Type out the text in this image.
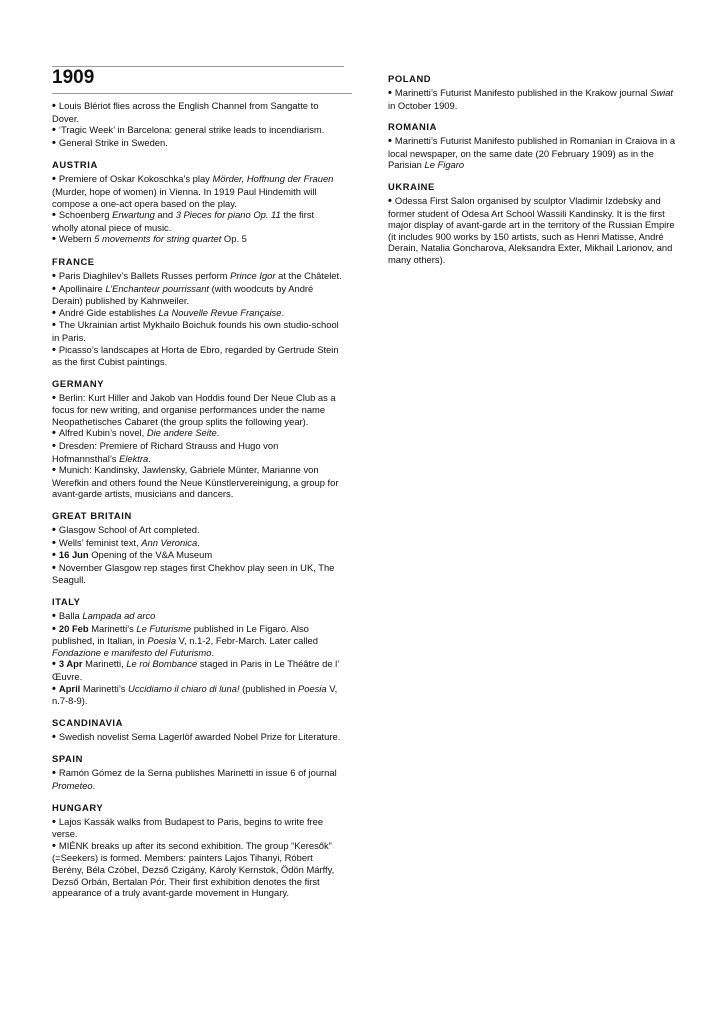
1909

• Louis Blériot flies across the English Channel from Sangatte to Dover.

• ‘Tragic Week’ in Barcelona: general strike leads to incendiarism.

• General Strike in Sweden.

AUSTRIA

• Premiere of Oskar Kokoschka’s play Mörder, Hoffnung der Frauen (Murder, hope of women) in Vienna. In 1919 Paul Hindemith will compose a one-act opera based on the play.

• Schoenberg Erwartung and 3 Pieces for piano Op. 11 the first wholly atonal piece of music.

• Webern 5 movements for string quartet Op. 5

FRANCE

• Paris Diaghilev’s Ballets Russes perform Prince Igor at the Châtelet.

• Apollinaire L’Enchanteur pourrissant (with woodcuts by André Derain) published by Kahnweiler.

• André Gide establishes La Nouvelle Revue Française.

• The Ukrainian artist Mykhailo Boichuk founds his own studio-school in Paris.

• Picasso’s landscapes at Horta de Ebro, regarded by Gertrude Stein as the first Cubist paintings.

GERMANY

• Berlin: Kurt Hiller and Jakob van Hoddis found Der Neue Club as a focus for new writing, and organise performances under the name Neopathetisches Cabaret (the group splits the following year).

• Alfred Kubin’s novel, Die andere Seite.

• Dresden: Premiere of Richard Strauss and Hugo von Hofmannsthal’s Elektra.

• Munich: Kandinsky, Jawlensky, Gabriele Münter, Marianne von Werefkin and others found the Neue Künstlervereinigung, a group for avant-garde artists, musicians and dancers.

GREAT BRITAIN

• Glasgow School of Art completed.

• Wells’ feminist text, Ann Veronica.

• 16 Jun Opening of the V&A Museum

• November Glasgow rep stages first Chekhov play seen in UK, The Seagull.

ITALY

• Balla Lampada ad arco

• 20 Feb Marinetti’s Le Futurisme published in Le Figaro. Also published, in Italian, in Poesia V, n.1-2, Febr-March. Later called Fondazione e manifesto del Futurismo.

• 3 Apr Marinetti, Le roi Bombance staged in Paris in Le Théâtre de l’ Œuvre.

• April Marinetti’s Uccidiamo il chiaro di luna! (published in Poesia V, n.7-8-9).

SCANDINAVIA

• Swedish novelist Sema Lagerlöf awarded Nobel Prize for Literature.

SPAIN

• Ramón Gómez de la Serna publishes Marinetti in issue 6 of journal Prometeo.

HUNGARY

• Lajos Kassák walks from Budapest to Paris, begins to write free verse.

• MIÉNK breaks up after its second exhibition. The group “Keresők” (=Seekers) is formed. Members: painters Lajos Tihanyi, Róbert Berény, Béla Czóbel, Dezső Czigány, Károly Kernstok, Ödön Márffy, Dezső Orbán, Bertalan Pór. Their first exhibition denotes the first appearance of a truly avant-garde movement in Hungary.

POLAND

• Marinetti’s Futurist Manifesto published in the Krakow journal Swiat in October 1909.

ROMANIA

• Marinetti’s Futurist Manifesto published in Romanian in Craiova in a local newspaper, on the same date (20 February 1909) as in the Parisian Le Figaro

UKRAINE

• Odessa First Salon organised by sculptor Vladimir Izdebsky and former student of Odesa Art School Wassili Kandinsky. It is the first major display of avant-garde art in the territory of the Russian Empire (it includes 900 works by 150 artists, such as Henri Matisse, André Derain, Natalia Goncharova, Aleksandra Exter, Mikhail Larionov, and many others).
